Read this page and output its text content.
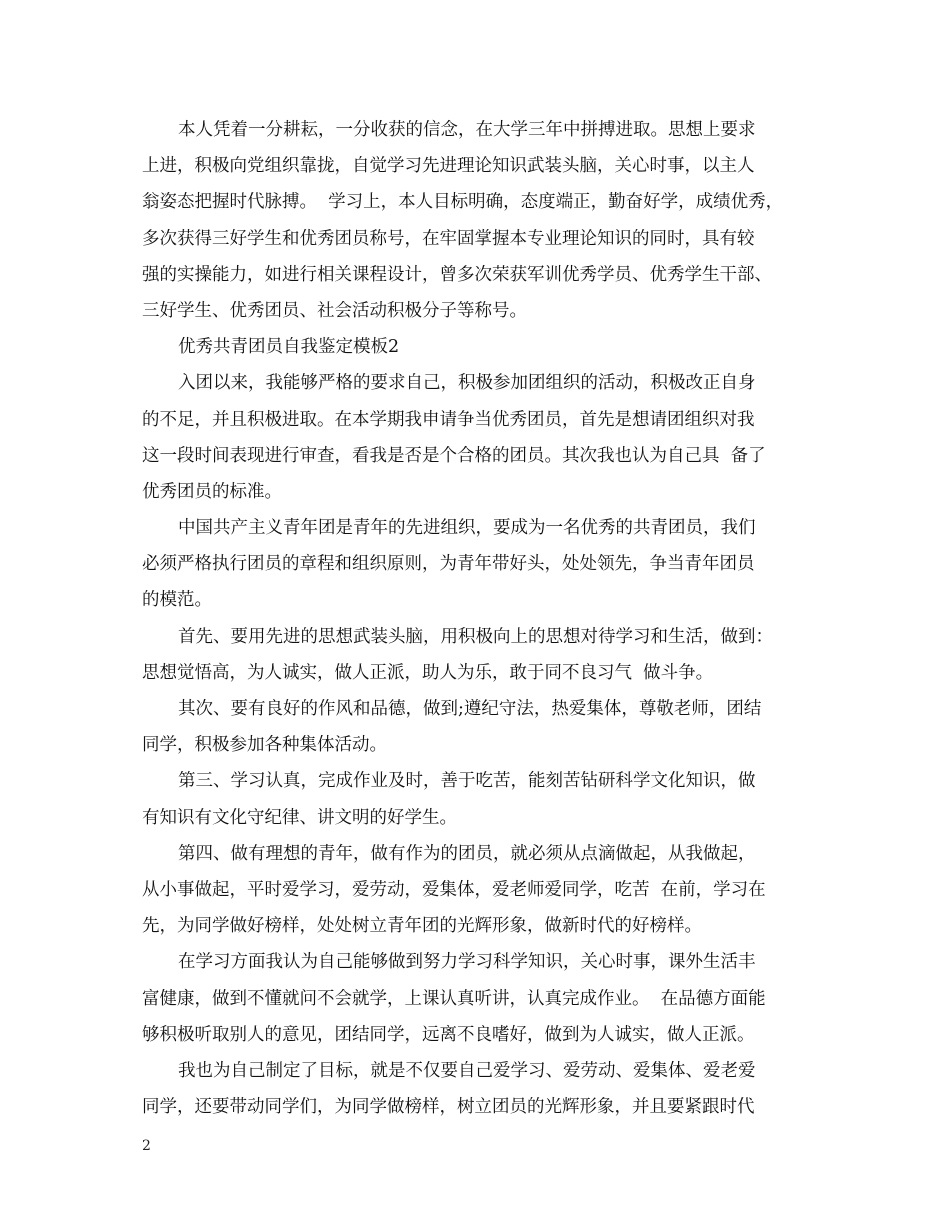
本人凭着一分耕耘，一分收获的信念，在大学三年中拼搏进取。思想上要求
上进，积极向党组织靠拢，自觉学习先进理论知识武装头脑，关心时事，以主人
翁姿态把握时代脉搏。  学习上，本人目标明确，态度端正，勤奋好学，成绩优秀，
多次获得三好学生和优秀团员称号，在牢固掌握本专业理论知识的同时，具有较
强的实操能力，如进行相关课程设计，曾多次荣获军训优秀学员、优秀学生干部、
三好学生、优秀团员、社会活动积极分子等称号。
优秀共青团员自我鉴定模板2
入团以来，我能够严格的要求自己，积极参加团组织的活动，积极改正自身
的不足，并且积极进取。在本学期我申请争当优秀团员，首先是想请团组织对我
这一段时间表现进行审查，看我是否是个合格的团员。其次我也认为自己具  备了
优秀团员的标准。
中国共产主义青年团是青年的先进组织，要成为一名优秀的共青团员，我们
必须严格执行团员的章程和组织原则，为青年带好头，处处领先，争当青年团员
的模范。
首先、要用先进的思想武装头脑，用积极向上的思想对待学习和生活，做到：
思想觉悟高，为人诚实，做人正派，助人为乐，敢于同不良习气  做斗争。
其次、要有良好的作风和品德，做到;遵纪守法，热爱集体，尊敬老师，团结
同学，积极参加各种集体活动。
第三、学习认真，完成作业及时，善于吃苦，能刻苦钻研科学文化知识，做
有知识有文化守纪律、讲文明的好学生。
第四、做有理想的青年，做有作为的团员，就必须从点滴做起，从我做起，
从小事做起，平时爱学习，爱劳动，爱集体，爱老师爱同学，吃苦  在前，学习在
先，为同学做好榜样，处处树立青年团的光辉形象，做新时代的好榜样。
在学习方面我认为自己能够做到努力学习科学知识，关心时事，课外生活丰
富健康，做到不懂就问不会就学，上课认真听讲，认真完成作业。  在品德方面能
够积极听取别人的意见，团结同学，远离不良嗜好，做到为人诚实，做人正派。
我也为自己制定了目标，就是不仅要自己爱学习、爱劳动、爱集体、爱老爱
同学，还要带动同学们，为同学做榜样，树立团员的光辉形象，并且要紧跟时代
2
